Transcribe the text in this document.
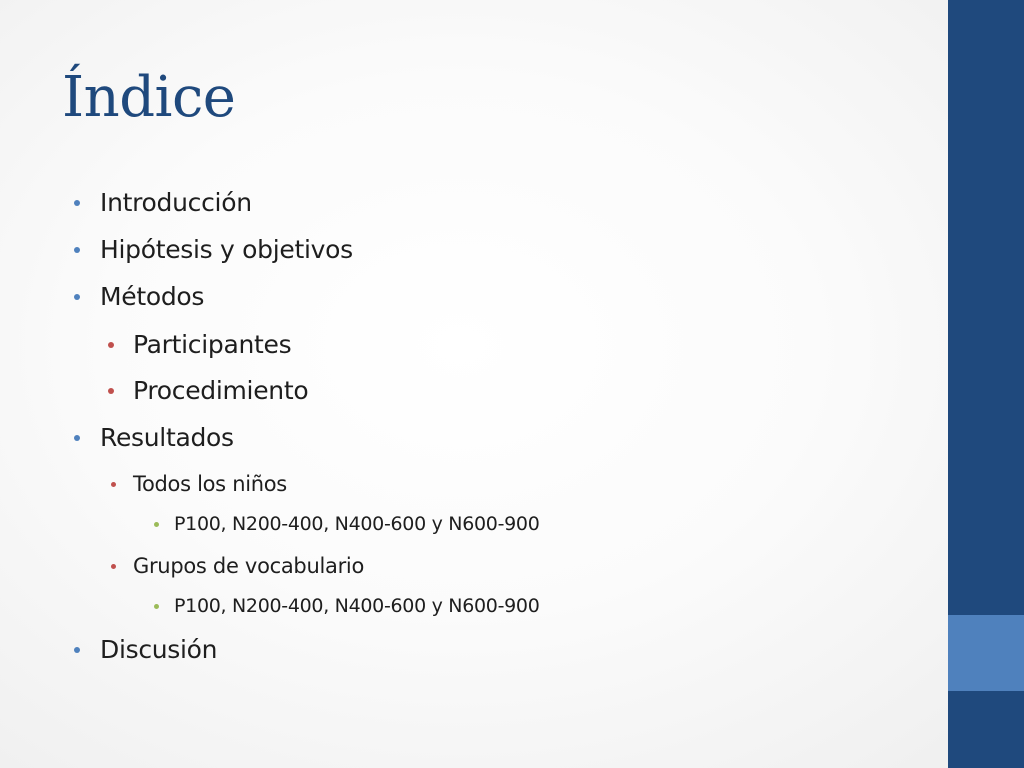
Índice
Introducción
Hipótesis y objetivos
Métodos
Participantes
Procedimiento
Resultados
Todos los niños
P100, N200-400, N400-600 y N600-900
Grupos de vocabulario
P100, N200-400, N400-600 y N600-900
Discusión
